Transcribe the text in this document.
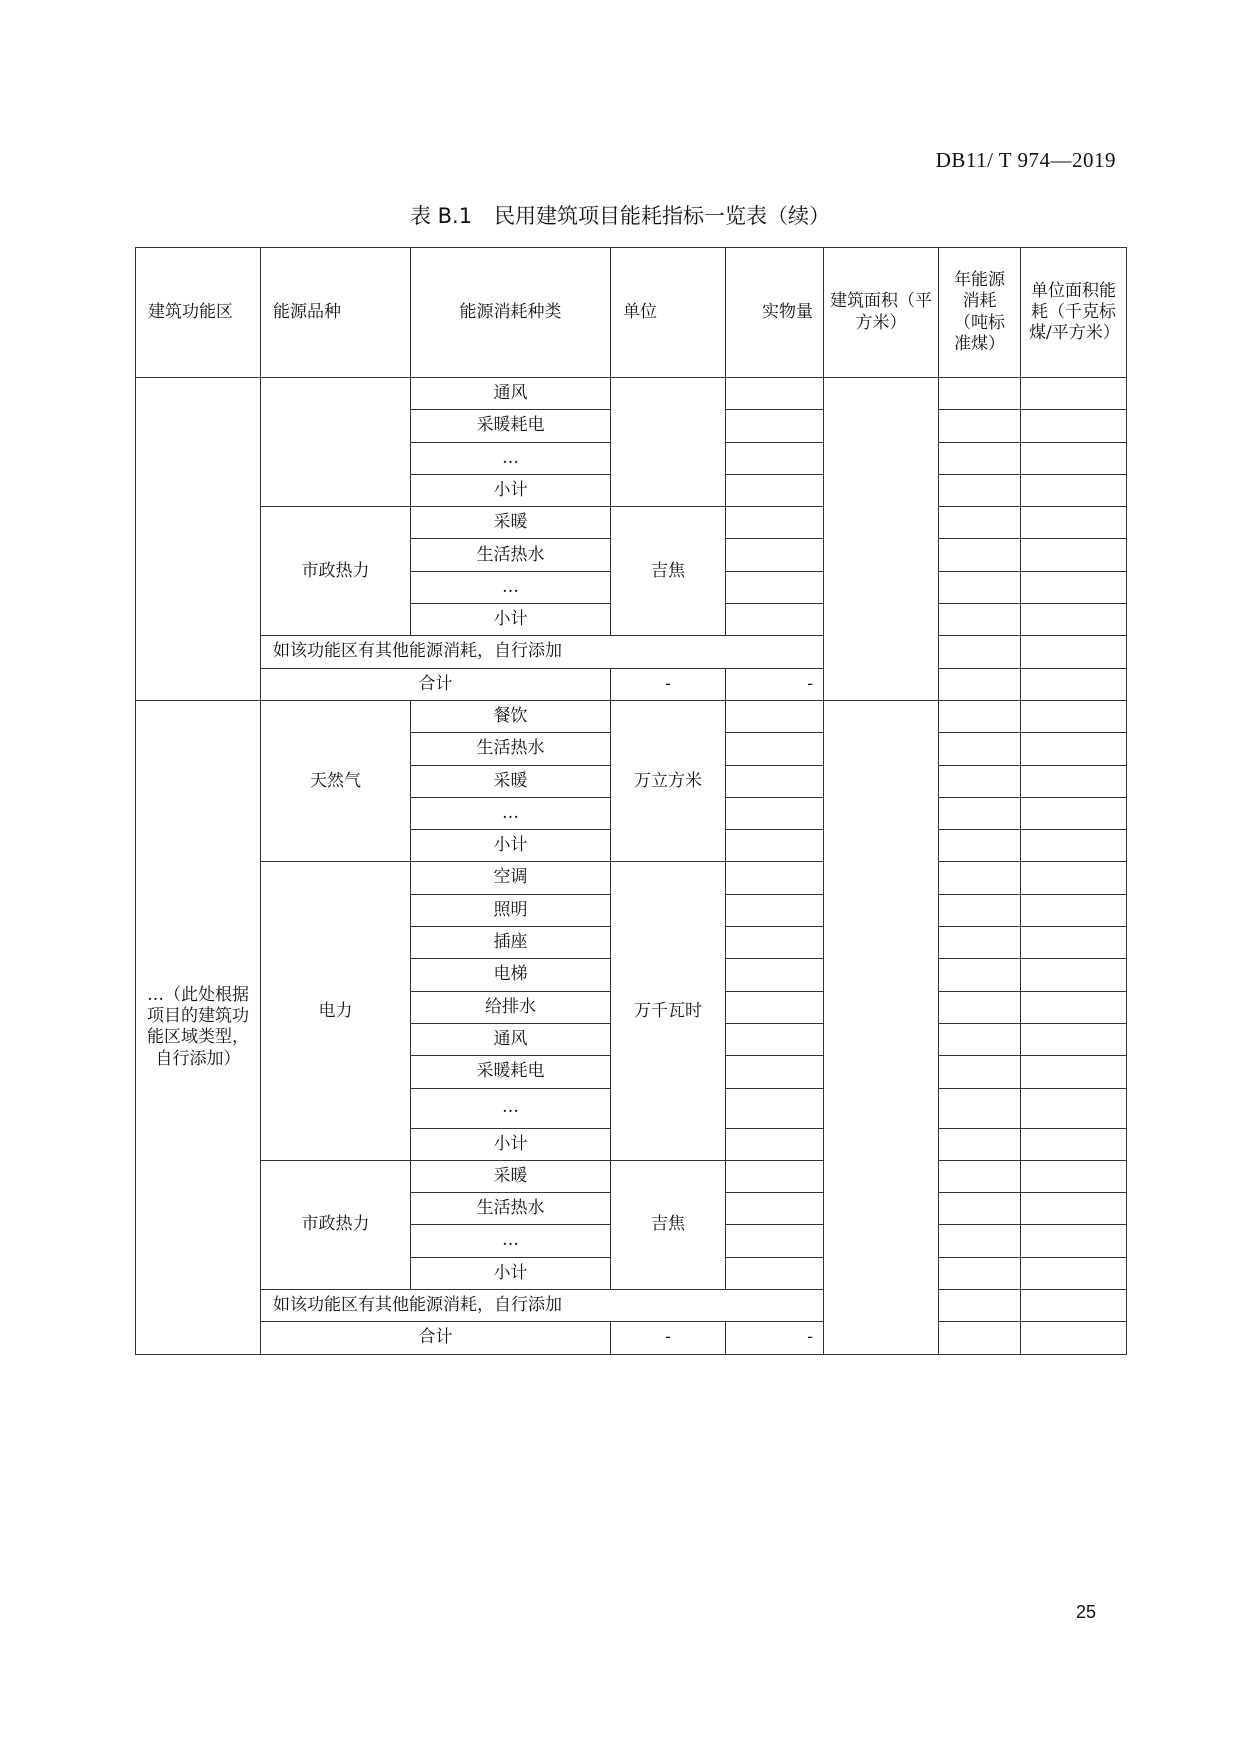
DB11/ T 974—2019
表 B.1 民用建筑项目能耗指标一览表（续）
建筑功能区	能源品种	能源消耗种类	单位	实物量	建筑面积（平方米）	年能源消耗（吨标准煤）	单位面积能耗（千克标煤/平方米）
		通风					
		采暖耗电					
		…					
		小计					
	市政热力	采暖	吉焦				
		生活热水					
		…					
		小计					
	如该功能区有其他能源消耗，自行添加						
	合计		-	-			
…（此处根据项目的建筑功能区域类型，自行添加）	天然气	餐饮	万立方米				
		生活热水					
		采暖					
		…					
		小计					
	电力	空调	万千瓦时				
		照明					
		插座					
		电梯					
		给排水					
		通风					
		采暖耗电					
		…					
		小计					
	市政热力	采暖	吉焦				
		生活热水					
		…					
		小计					
	如该功能区有其他能源消耗，自行添加						
	合计		-	-			
25
